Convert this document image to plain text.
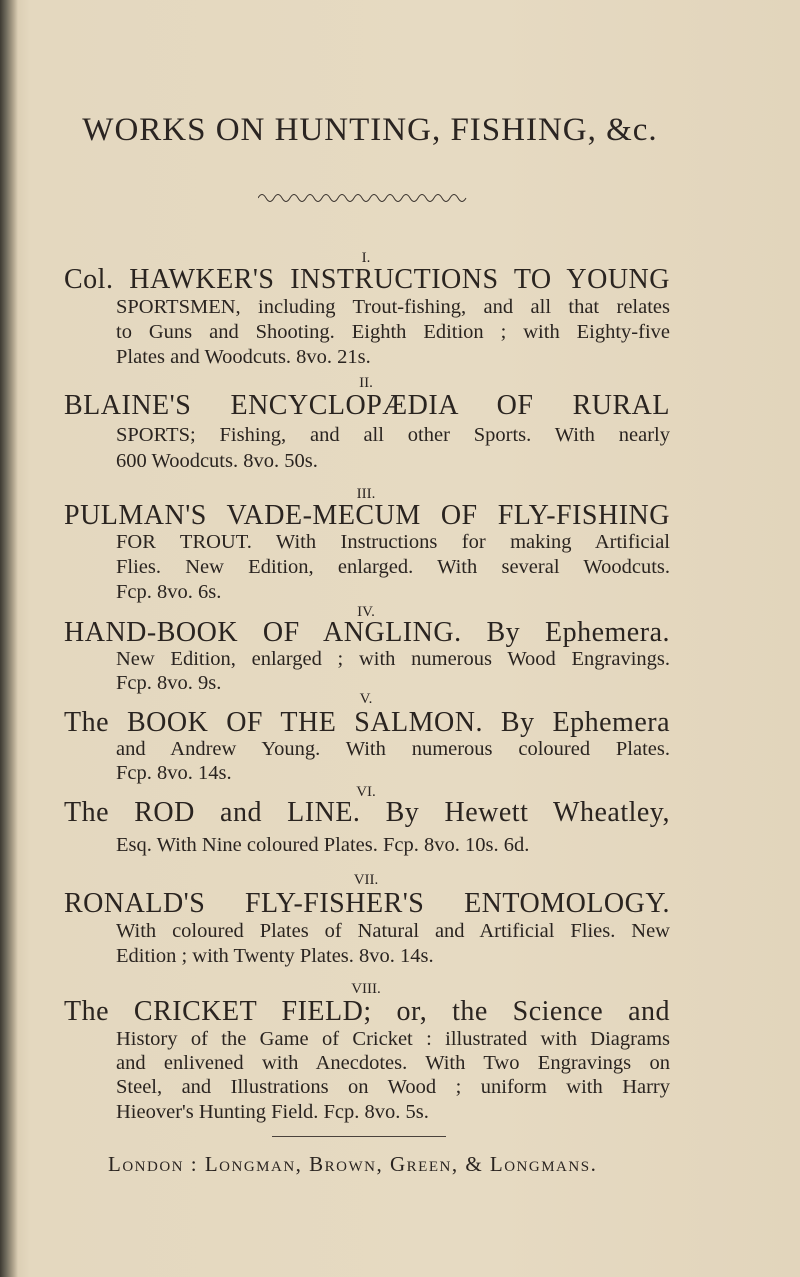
WORKS ON HUNTING, FISHING, &c.
I.
Col. HAWKER'S INSTRUCTIONS TO YOUNG
SPORTSMEN, including Trout-fishing, and all that relates
to Guns and Shooting. Eighth Edition ; with Eighty-five
Plates and Woodcuts. 8vo. 21s.
II.
BLAINE'S ENCYCLOPÆDIA OF RURAL
SPORTS; Fishing, and all other Sports. With nearly
600 Woodcuts. 8vo. 50s.
III.
PULMAN'S VADE-MECUM OF FLY-FISHING
FOR TROUT. With Instructions for making Artificial
Flies. New Edition, enlarged. With several Woodcuts.
Fcp. 8vo. 6s.
IV.
HAND-BOOK OF ANGLING. By Ephemera.
New Edition, enlarged ; with numerous Wood Engravings.
Fcp. 8vo. 9s.
V.
The BOOK OF THE SALMON. By Ephemera
and Andrew Young. With numerous coloured Plates.
Fcp. 8vo. 14s.
VI.
The ROD and LINE. By Hewett Wheatley,
Esq. With Nine coloured Plates. Fcp. 8vo. 10s. 6d.
VII.
RONALD'S FLY-FISHER'S ENTOMOLOGY.
With coloured Plates of Natural and Artificial Flies. New
Edition ; with Twenty Plates. 8vo. 14s.
VIII.
The CRICKET FIELD; or, the Science and
History of the Game of Cricket : illustrated with Diagrams
and enlivened with Anecdotes. With Two Engravings on
Steel, and Illustrations on Wood ; uniform with Harry
Hieover's Hunting Field. Fcp. 8vo. 5s.
London : Longman, Brown, Green, & Longmans.
